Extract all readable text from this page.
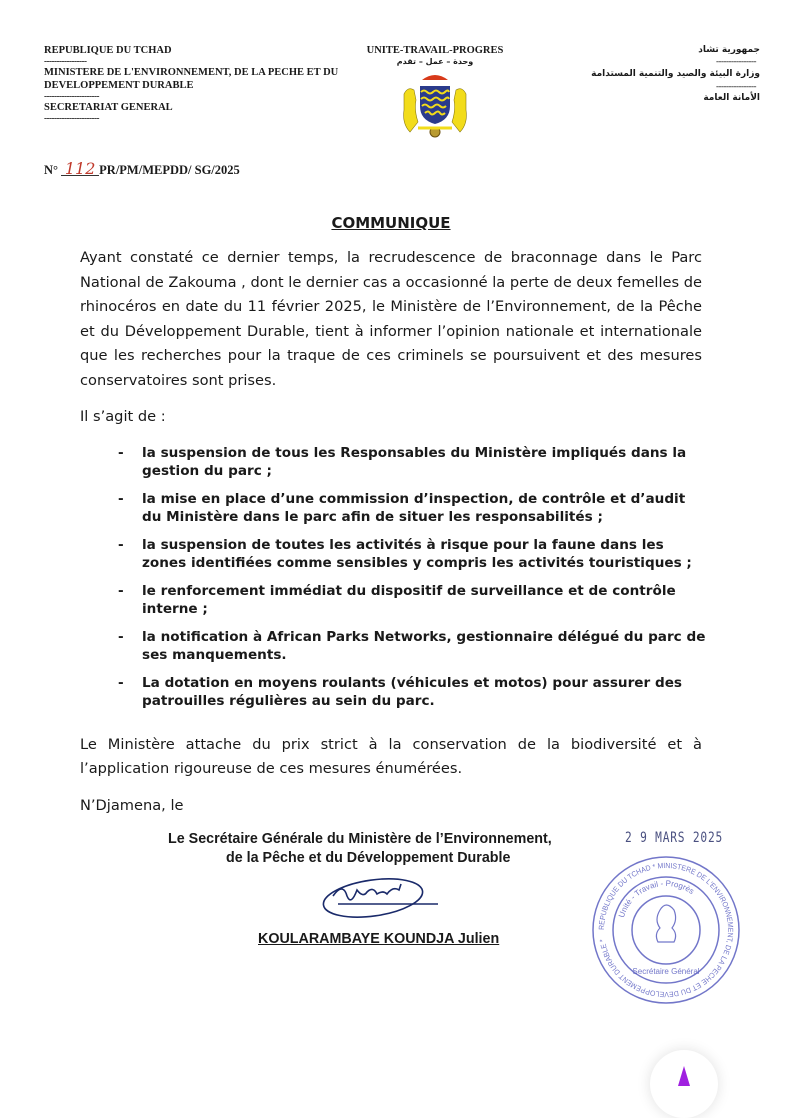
REPUBLIQUE DU TCHAD
-----------------
MINISTERE DE L'ENVIRONNEMENT, DE LA PECHE ET DU DEVELOPPEMENT DURABLE
----------------------
SECRETARIAT GENERAL
----------------------
UNITE-TRAVAIL-PROGRES
وحدة – عمل – تقدم
جمهورية تشاد
----------------
وزارة البيئة والصيد والتنمية المستدامة
----------------
الأمانة العامة
N° 112 PR/PM/MEPDD/ SG/2025
COMMUNIQUE
Ayant constaté ce dernier temps, la recrudescence de braconnage dans le Parc National de Zakouma , dont le dernier cas a occasionné la perte de deux femelles de rhinocéros en date du 11 février 2025, le Ministère de l’Environnement, de la Pêche et du Développement Durable, tient à informer l’opinion nationale et internationale que les recherches pour la traque de ces criminels se poursuivent et des mesures conservatoires sont prises.
Il s’agit de :
- la suspension de tous les Responsables du Ministère impliqués dans la gestion du parc ;
- la mise en place d’une commission d’inspection, de contrôle et d’audit du Ministère dans le parc afin de situer les responsabilités ;
- la suspension de toutes les activités à risque pour la faune dans les zones identifiées comme sensibles y compris les activités touristiques ;
- le renforcement immédiat du dispositif de surveillance et de contrôle interne ;
- la notification à African Parks Networks, gestionnaire délégué du parc de ses manquements.
- La dotation en moyens roulants (véhicules et motos) pour assurer des patrouilles régulières au sein du parc.
Le Ministère attache du prix strict à la conservation de la biodiversité et à l’application rigoureuse de ces mesures énumérées.
N’Djamena, le
Le Secrétaire Générale du Ministère de l’Environnement,
de la Pêche et du Développement Durable
2 9 MARS 2025
KOULARAMBAYE KOUNDJA Julien
REPUBLIQUE DU TCHAD * MINISTERE DE L'ENVIRONNEMENT, DE LA PECHE ET DU DEVELOPPEMENT DURABLE *
Unité - Travail - Progrès
Secrétaire Général
